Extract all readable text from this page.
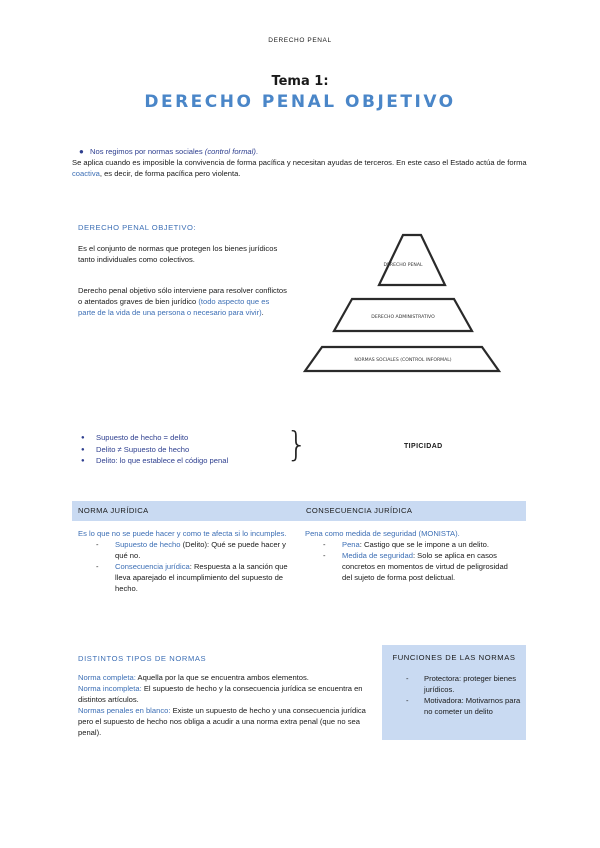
DERECHO PENAL
Tema 1:
DERECHO PENAL OBJETIVO
● Nos regimos por normas sociales (control formal).
Se aplica cuando es imposible la convivencia de forma pacífica y necesitan ayudas de terceros. En este caso el Estado actúa de forma coactiva, es decir, de forma pacífica pero violenta.
DERECHO PENAL OBJETIVO:
Es el conjunto de normas que protegen los bienes jurídicos tanto individuales como colectivos.
Derecho penal objetivo sólo interviene para resolver conflictos o atentados graves de bien jurídico (todo aspecto que es parte de la vida de una persona o necesario para vivir).
DERECHO PENAL
DERECHO ADMINISTRATIVO
NORMAS SOCIALES (CONTROL INFORMAL)
● Supuesto de hecho = delito
● Delito ≠ Supuesto de hecho
● Delito: lo que establece el código penal }	TIPICIDAD
NORMA JURÍDICA	CONSECUENCIA JURÍDICA
Es lo que no se puede hacer y como te afecta si lo incumples.
- Supuesto de hecho (Delito): Qué se puede hacer y qué no.
- Consecuencia jurídica: Respuesta a la sanción que lleva aparejado el incumplimiento del supuesto de hecho.
Pena como medida de seguridad (MONISTA).
- Pena: Castigo que se le impone a un delito.
- Medida de seguridad: Solo se aplica en casos concretos en momentos de virtud de peligrosidad del sujeto de forma post delictual.
DISTINTOS TIPOS DE NORMAS
Norma completa: Aquella por la que se encuentra ambos elementos.
Norma incompleta: El supuesto de hecho y la consecuencia jurídica se encuentra en distintos artículos.
Normas penales en blanco: Existe un supuesto de hecho y una consecuencia jurídica pero el supuesto de hecho nos obliga a acudir a una norma extra penal (que no sea penal).
FUNCIONES DE LAS NORMAS
- Protectora: proteger bienes jurídicos.
- Motivadora: Motivarnos para no cometer un delito
